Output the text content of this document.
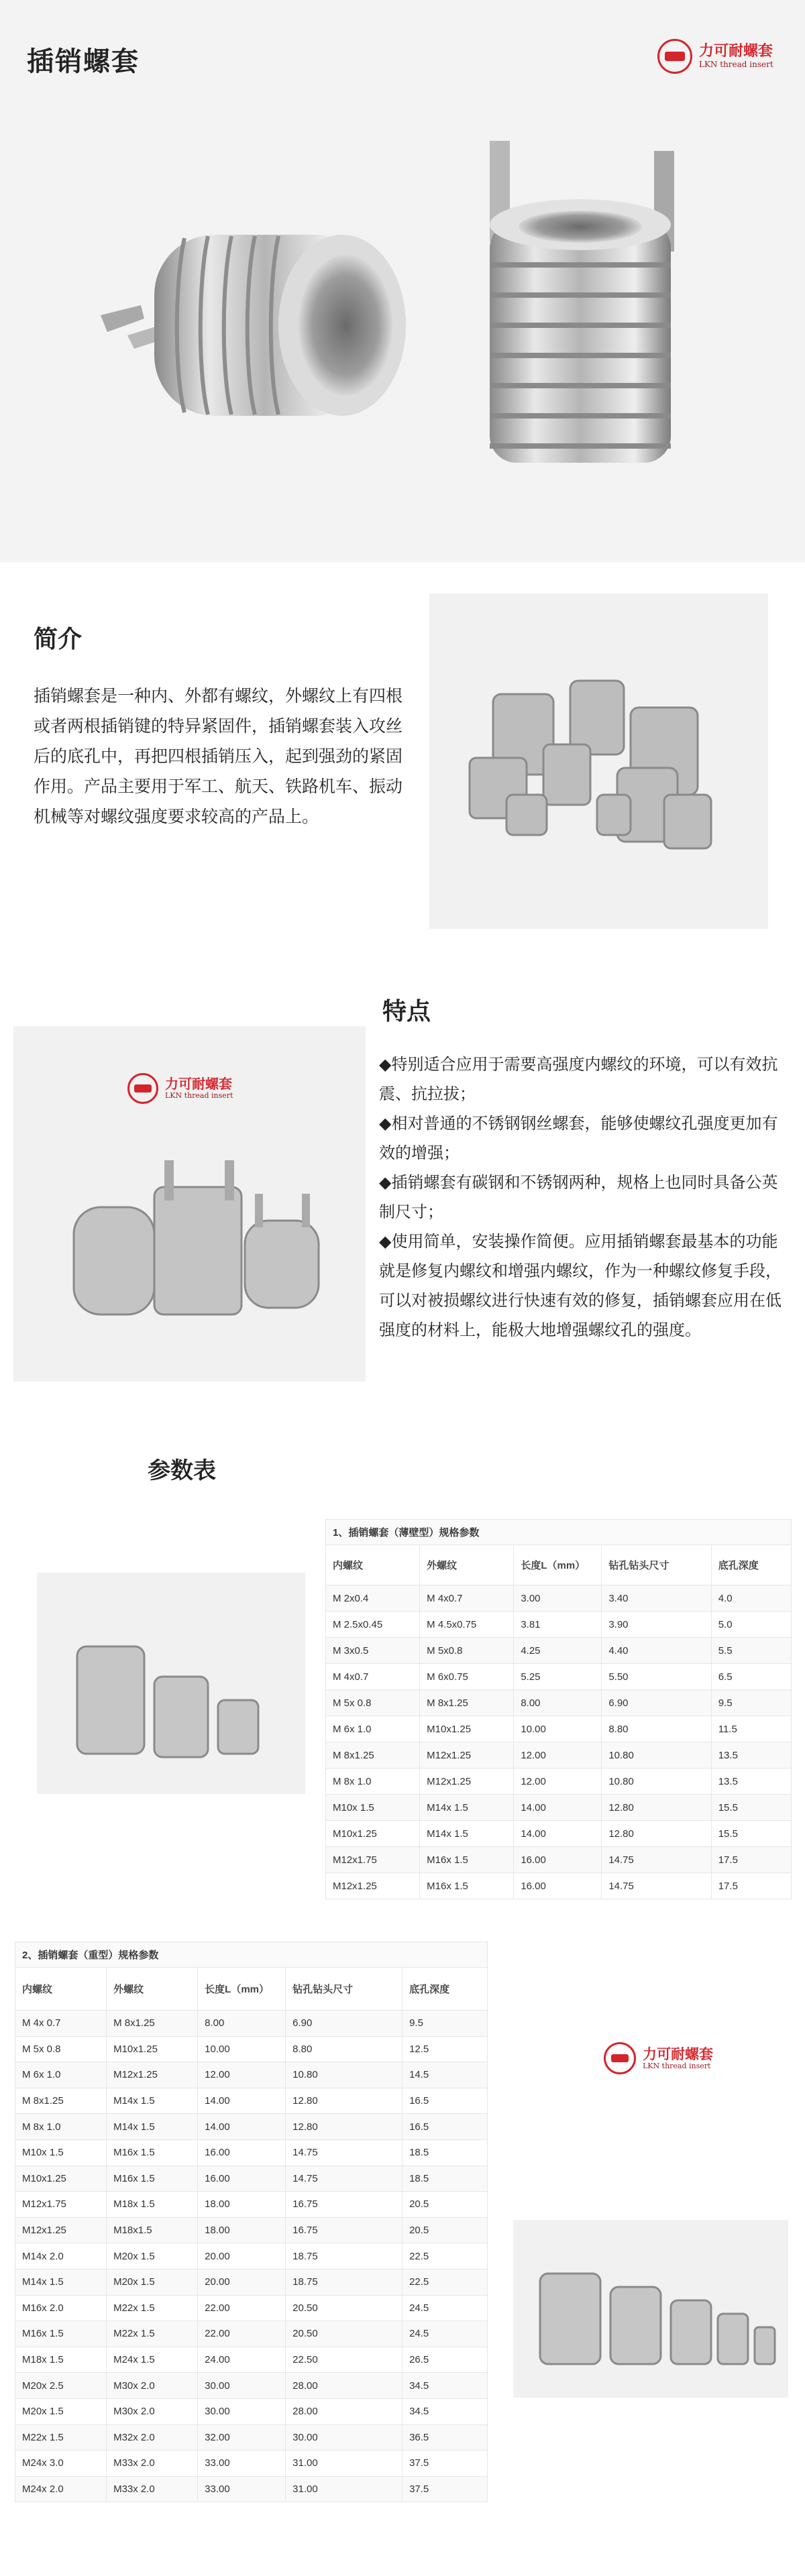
插销螺套	力可耐螺套
LKN thread insert
简介
插销螺套是一种内、外都有螺纹，外螺纹上有四根或者两根插销键的特异紧固件，插销螺套装入攻丝后的底孔中，再把四根插销压入，起到强劲的紧固作用。产品主要用于军工、航天、铁路机车、振动机械等对螺纹强度要求较高的产品上。
力可耐螺套
LKN thread insert
特点

◆特别适合应用于需要高强度内螺纹的环境，可以有效抗震、抗拉拔；

◆相对普通的不锈钢钢丝螺套，能够使螺纹孔强度更加有效的增强；

◆插销螺套有碳钢和不锈钢两种，规格上也同时具备公英制尺寸；

◆使用简单，安装操作简便。应用插销螺套最基本的功能就是修复内螺纹和增强内螺纹，作为一种螺纹修复手段，可以对被损螺纹进行快速有效的修复，插销螺套应用在低强度的材料上，能极大地增强螺纹孔的强度。

参数表
1、插销螺套（薄壁型）规格参数
内螺纹	外螺纹	长度L（mm）	钻孔钻头尺寸	底孔深度
M 2x0.4	M 4x0.7	3.00	3.40	4.0
M 2.5x0.45	M 4.5x0.75	3.81	3.90	5.0
M 3x0.5	M 5x0.8	4.25	4.40	5.5
M 4x0.7	M 6x0.75	5.25	5.50	6.5
M 5x 0.8	M 8x1.25	8.00	6.90	9.5
M 6x 1.0	M10x1.25	10.00	8.80	11.5
M 8x1.25	M12x1.25	12.00	10.80	13.5
M 8x 1.0	M12x1.25	12.00	10.80	13.5
M10x 1.5	M14x 1.5	14.00	12.80	15.5
M10x1.25	M14x 1.5	14.00	12.80	15.5
M12x1.75	M16x 1.5	16.00	14.75	17.5
M12x1.25	M16x 1.5	16.00	14.75	17.5
2、插销螺套（重型）规格参数
内螺纹	外螺纹	长度L（mm）	钻孔钻头尺寸	底孔深度
M 4x 0.7	M 8x1.25	8.00	6.90	9.5
M 5x 0.8	M10x1.25	10.00	8.80	12.5
M 6x 1.0	M12x1.25	12.00	10.80	14.5
M 8x1.25	M14x 1.5	14.00	12.80	16.5
M 8x 1.0	M14x 1.5	14.00	12.80	16.5
M10x 1.5	M16x 1.5	16.00	14.75	18.5
M10x1.25	M16x 1.5	16.00	14.75	18.5
M12x1.75	M18x 1.5	18.00	16.75	20.5
M12x1.25	M18x1.5	18.00	16.75	20.5
M14x 2.0	M20x 1.5	20.00	18.75	22.5
M14x 1.5	M20x 1.5	20.00	18.75	22.5
M16x 2.0	M22x 1.5	22.00	20.50	24.5
M16x 1.5	M22x 1.5	22.00	20.50	24.5
M18x 1.5	M24x 1.5	24.00	22.50	26.5
M20x 2.5	M30x 2.0	30.00	28.00	34.5
M20x 1.5	M30x 2.0	30.00	28.00	34.5
M22x 1.5	M32x 2.0	32.00	30.00	36.5
M24x 3.0	M33x 2.0	33.00	31.00	37.5
M24x 2.0	M33x 2.0	33.00	31.00	37.5
力可耐螺套
LKN thread insert
